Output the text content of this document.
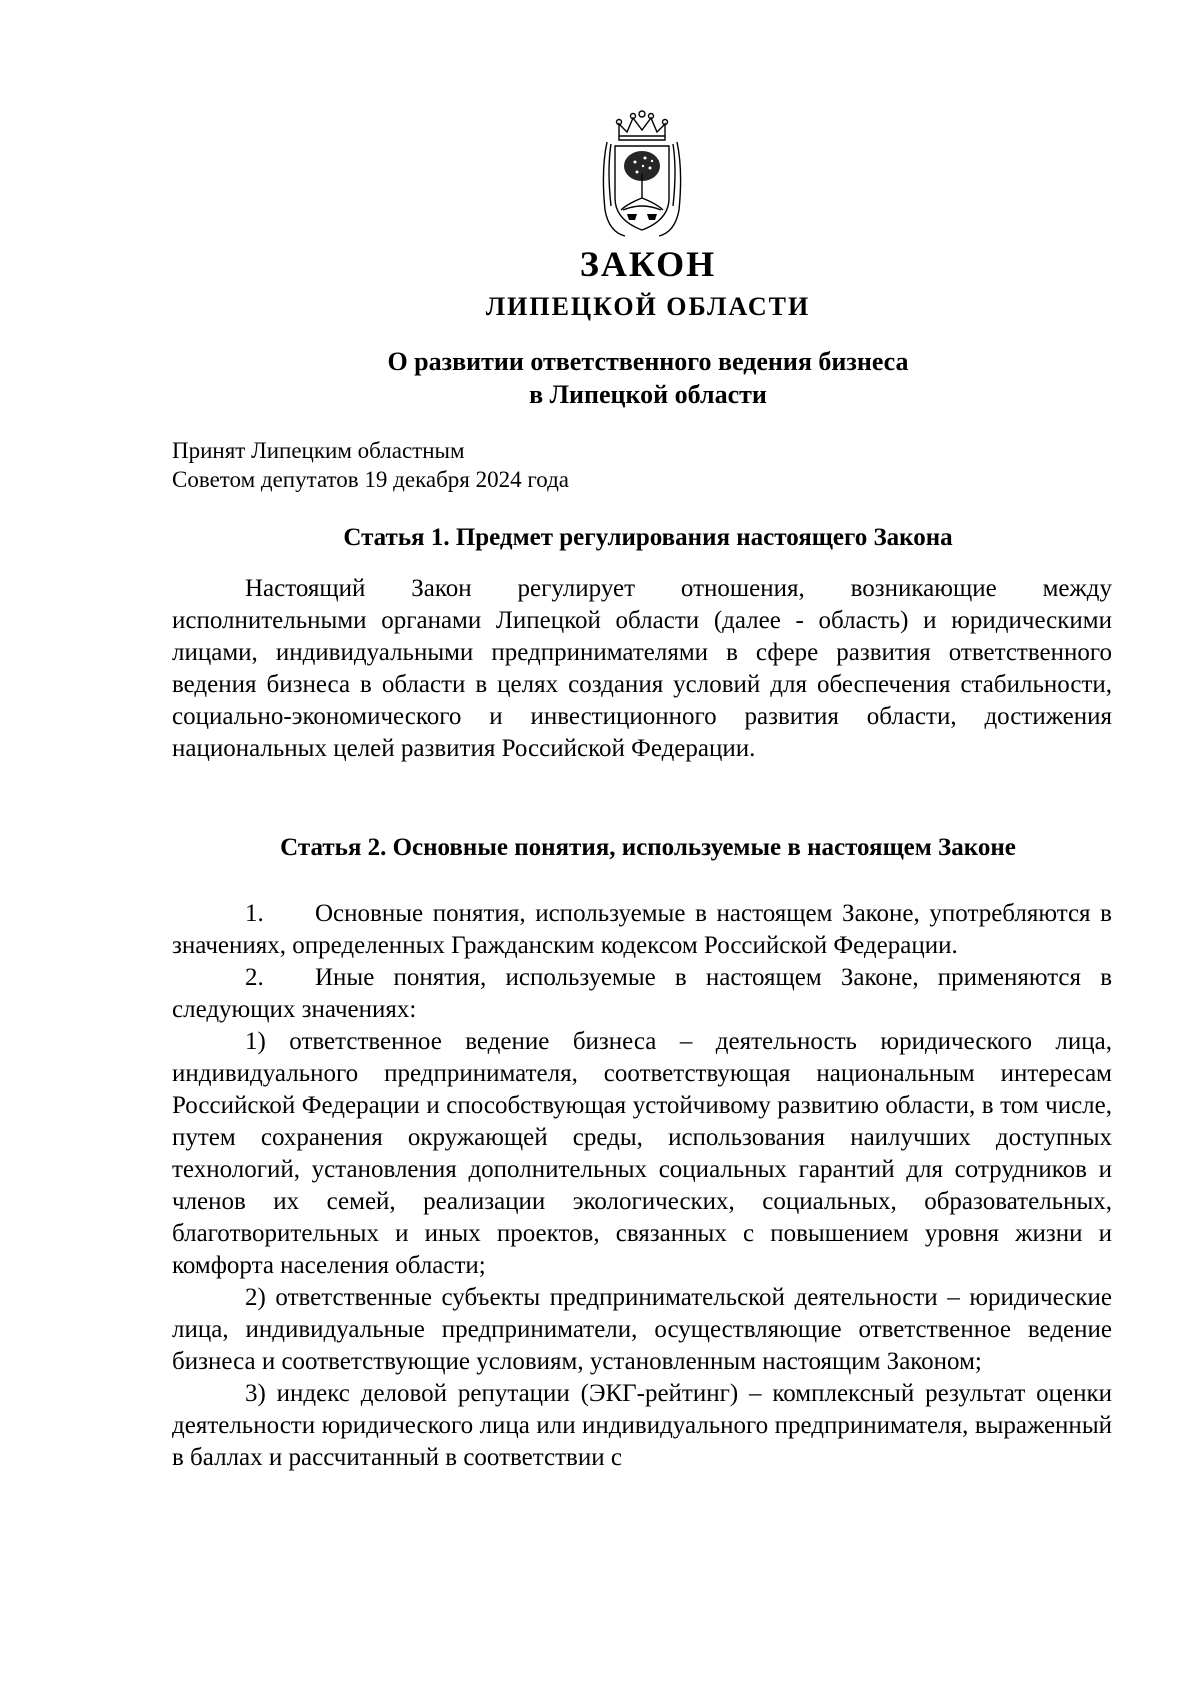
ЗАКОН
ЛИПЕЦКОЙ ОБЛАСТИ
О развитии ответственного ведения бизнеса
в Липецкой области
Принят Липецким областным
Советом депутатов 19 декабря 2024 года
Статья 1. Предмет регулирования настоящего Закона

Настоящий Закон регулирует отношения, возникающие между исполнительными органами Липецкой области (далее - область) и юридическими лицами, индивидуальными предпринимателями в сфере развития ответственного ведения бизнеса в области в целях создания условий для обеспечения стабильности, социально-экономического и инвестиционного развития области, достижения национальных целей развития Российской Федерации.

Статья 2. Основные понятия, используемые в настоящем Законе

1. Основные понятия, используемые в настоящем Законе, употребляются в значениях, определенных Гражданским кодексом Российской Федерации.

2. Иные понятия, используемые в настоящем Законе, применяются в следующих значениях:

1) ответственное ведение бизнеса – деятельность юридического лица, индивидуального предпринимателя, соответствующая национальным интересам Российской Федерации и способствующая устойчивому развитию области, в том числе, путем сохранения окружающей среды, использования наилучших доступных технологий, установления дополнительных социальных гарантий для сотрудников и членов их семей, реализации экологических, социальных, образовательных, благотворительных и иных проектов, связанных с повышением уровня жизни и комфорта населения области;

2) ответственные субъекты предпринимательской деятельности – юридические лица, индивидуальные предприниматели, осуществляющие ответственное ведение бизнеса и соответствующие условиям, установленным настоящим Законом;

3) индекс деловой репутации (ЭКГ-рейтинг) – комплексный результат оценки деятельности юридического лица или индивидуального предпринимателя, выраженный в баллах и рассчитанный в соответствии с
